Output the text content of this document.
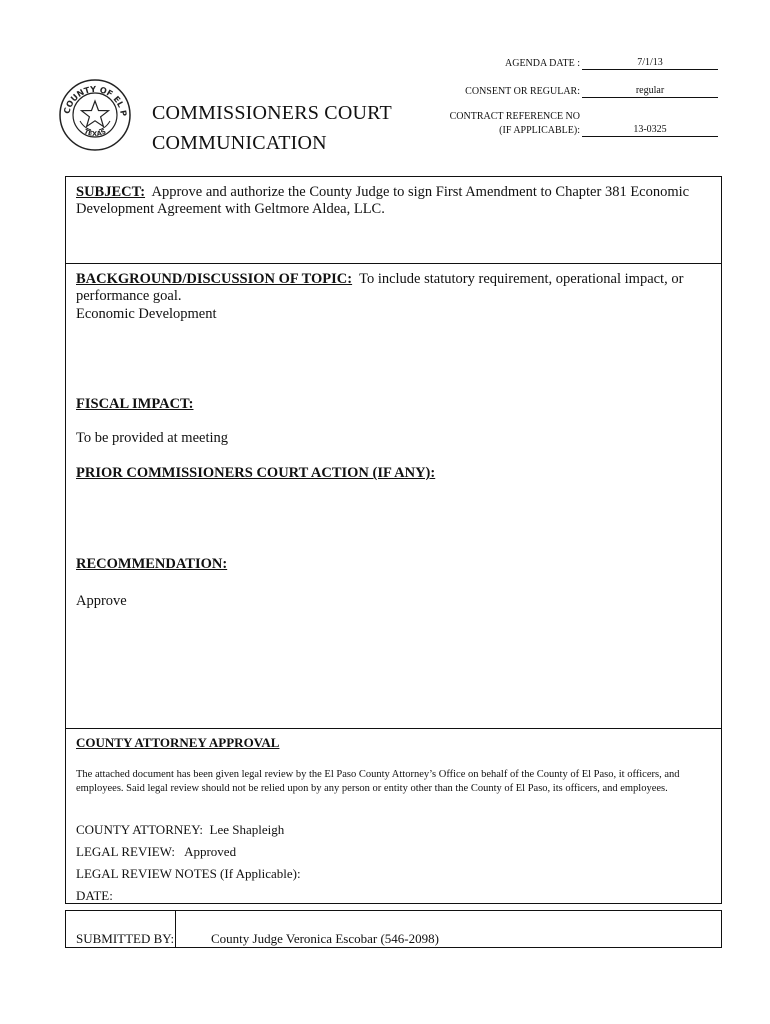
COUNTY OF EL P
TEXAS
COMMISSIONERS COURT
COMMUNICATION
AGENDA DATE :	7/1/13
CONSENT OR REGULAR:	regular
CONTRACT REFERENCE NO
(IF APPLICABLE):	13-0325
SUBJECT: Approve and authorize the County Judge to sign First Amendment to Chapter 381 Economic Development Agreement with Geltmore Aldea, LLC.
BACKGROUND/DISCUSSION OF TOPIC: To include statutory requirement, operational impact, or performance goal.
Economic Development
FISCAL IMPACT:
To be provided at meeting
PRIOR COMMISSIONERS COURT ACTION (IF ANY):
RECOMMENDATION:
Approve
COUNTY ATTORNEY APPROVAL
The attached document has been given legal review by the El Paso County Attorney’s Office on behalf of the County of El Paso, it officers, and employees. Said legal review should not be relied upon by any person or entity other than the County of El Paso, its officers, and employees.
COUNTY ATTORNEY: Lee Shapleigh
LEGAL REVIEW: Approved
LEGAL REVIEW NOTES (If Applicable):
DATE:
SUBMITTED BY:	County Judge Veronica Escobar (546-2098)
